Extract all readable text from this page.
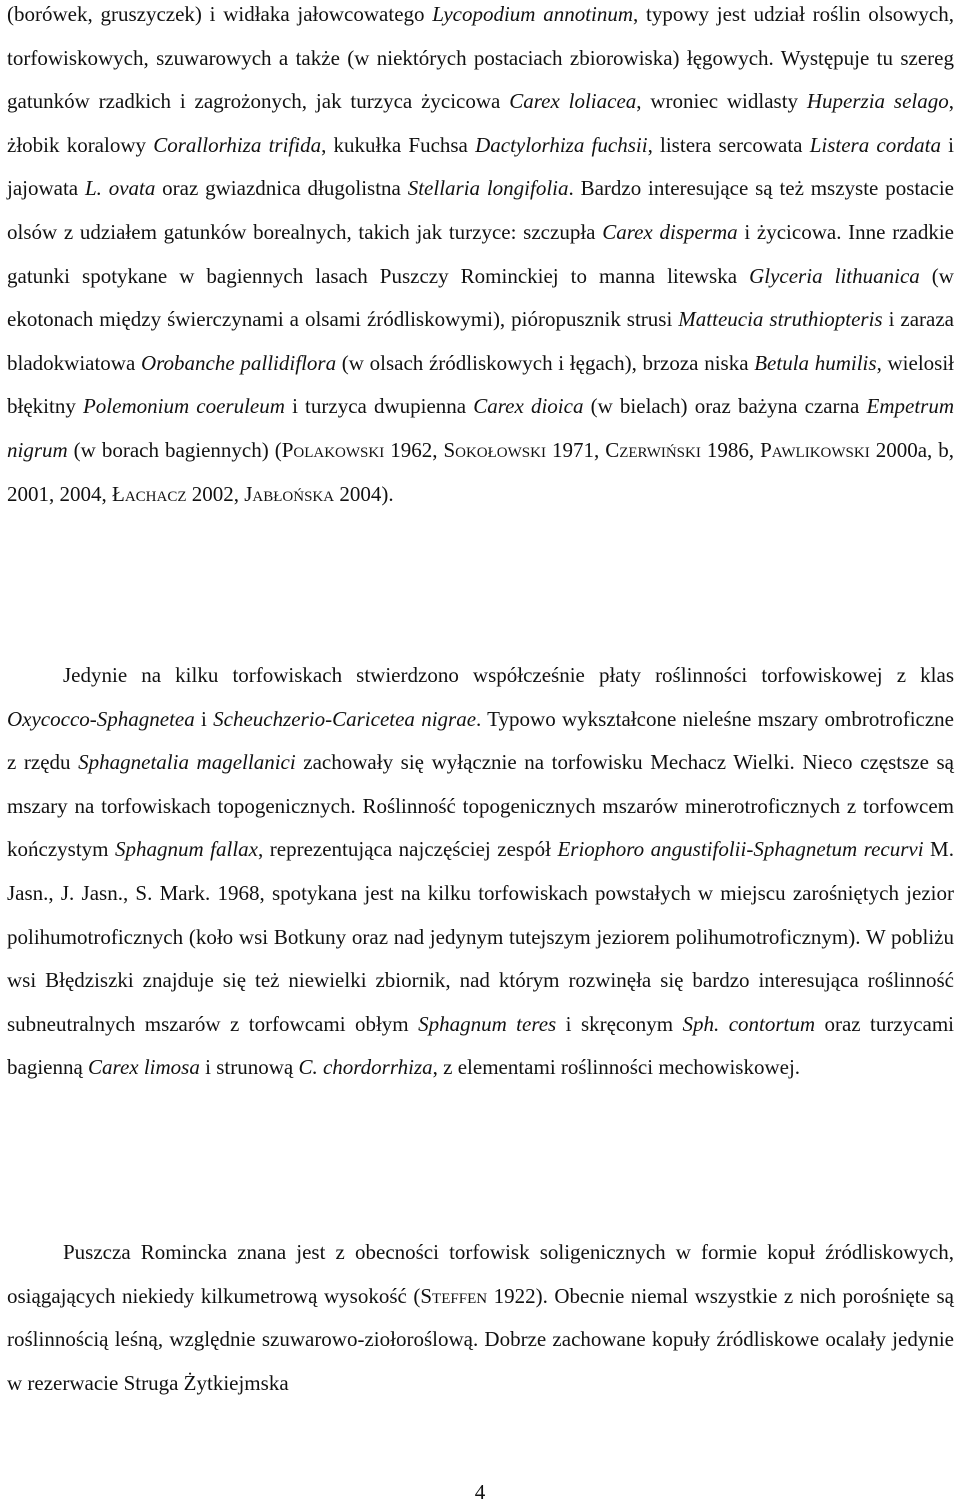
(borówek, gruszyczek) i widłaka jałowcowatego Lycopodium annotinum, typowy jest udział roślin olsowych, torfowiskowych, szuwarowych a także (w niektórych postaciach zbiorowiska) łęgowych. Występuje tu szereg gatunków rzadkich i zagrożonych, jak turzyca życicowa Carex loliacea, wroniec widlasty Huperzia selago, żłobik koralowy Corallorhiza trifida, kukułka Fuchsa Dactylorhiza fuchsii, listera sercowata Listera cordata i jajowata L. ovata oraz gwiazdnica długolistna Stellaria longifolia. Bardzo interesujące są też mszyste postacie olsów z udziałem gatunków borealnych, takich jak turzyce: szczupła Carex disperma i życicowa. Inne rzadkie gatunki spotykane w bagiennych lasach Puszczy Rominckiej to manna litewska Glyceria lithuanica (w ekotonach między świerczynami a olsami źródliskowymi), pióropusznik strusi Matteucia struthiopteris i zaraza bladokwiatowa Orobanche pallidiflora (w olsach źródliskowych i łęgach), brzoza niska Betula humilis, wielosił błękitny Polemonium coeruleum i turzyca dwupienna Carex dioica (w bielach) oraz bażyna czarna Empetrum nigrum (w borach bagiennych) (Polakowski 1962, Sokołowski 1971, Czerwiński 1986, Pawlikowski 2000a, b, 2001, 2004, Łachacz 2002, Jabłońska 2004).

Jedynie na kilku torfowiskach stwierdzono współcześnie płaty roślinności torfowiskowej z klas Oxycocco-Sphagnetea i Scheuchzerio-Caricetea nigrae. Typowo wykształcone nieleśne mszary ombrotroficzne z rzędu Sphagnetalia magellanici zachowały się wyłącznie na torfowisku Mechacz Wielki. Nieco częstsze są mszary na torfowiskach topogenicznych. Roślinność topogenicznych mszarów minerotroficznych z torfowcem kończystym Sphagnum fallax, reprezentująca najczęściej zespół Eriophoro angustifolii-Sphagnetum recurvi M. Jasn., J. Jasn., S. Mark. 1968, spotykana jest na kilku torfowiskach powstałych w miejscu zarośniętych jezior polihumotroficznych (koło wsi Botkuny oraz nad jedynym tutejszym jeziorem polihumotroficznym). W pobliżu wsi Błędziszki znajduje się też niewielki zbiornik, nad którym rozwinęła się bardzo interesująca roślinność subneutralnych mszarów z torfowcami obłym Sphagnum teres i skręconym Sph. contortum oraz turzycami bagienną Carex limosa i strunową C. chordorrhiza, z elementami roślinności mechowiskowej.

Puszcza Romincka znana jest z obecności torfowisk soligenicznych w formie kopuł źródliskowych, osiągających niekiedy kilkumetrową wysokość (Steffen 1922). Obecnie niemal wszystkie z nich porośnięte są roślinnością leśną, względnie szuwarowo-ziołoroślową. Dobrze zachowane kopuły źródliskowe ocalały jedynie w rezerwacie Struga Żytkiejmska

4
